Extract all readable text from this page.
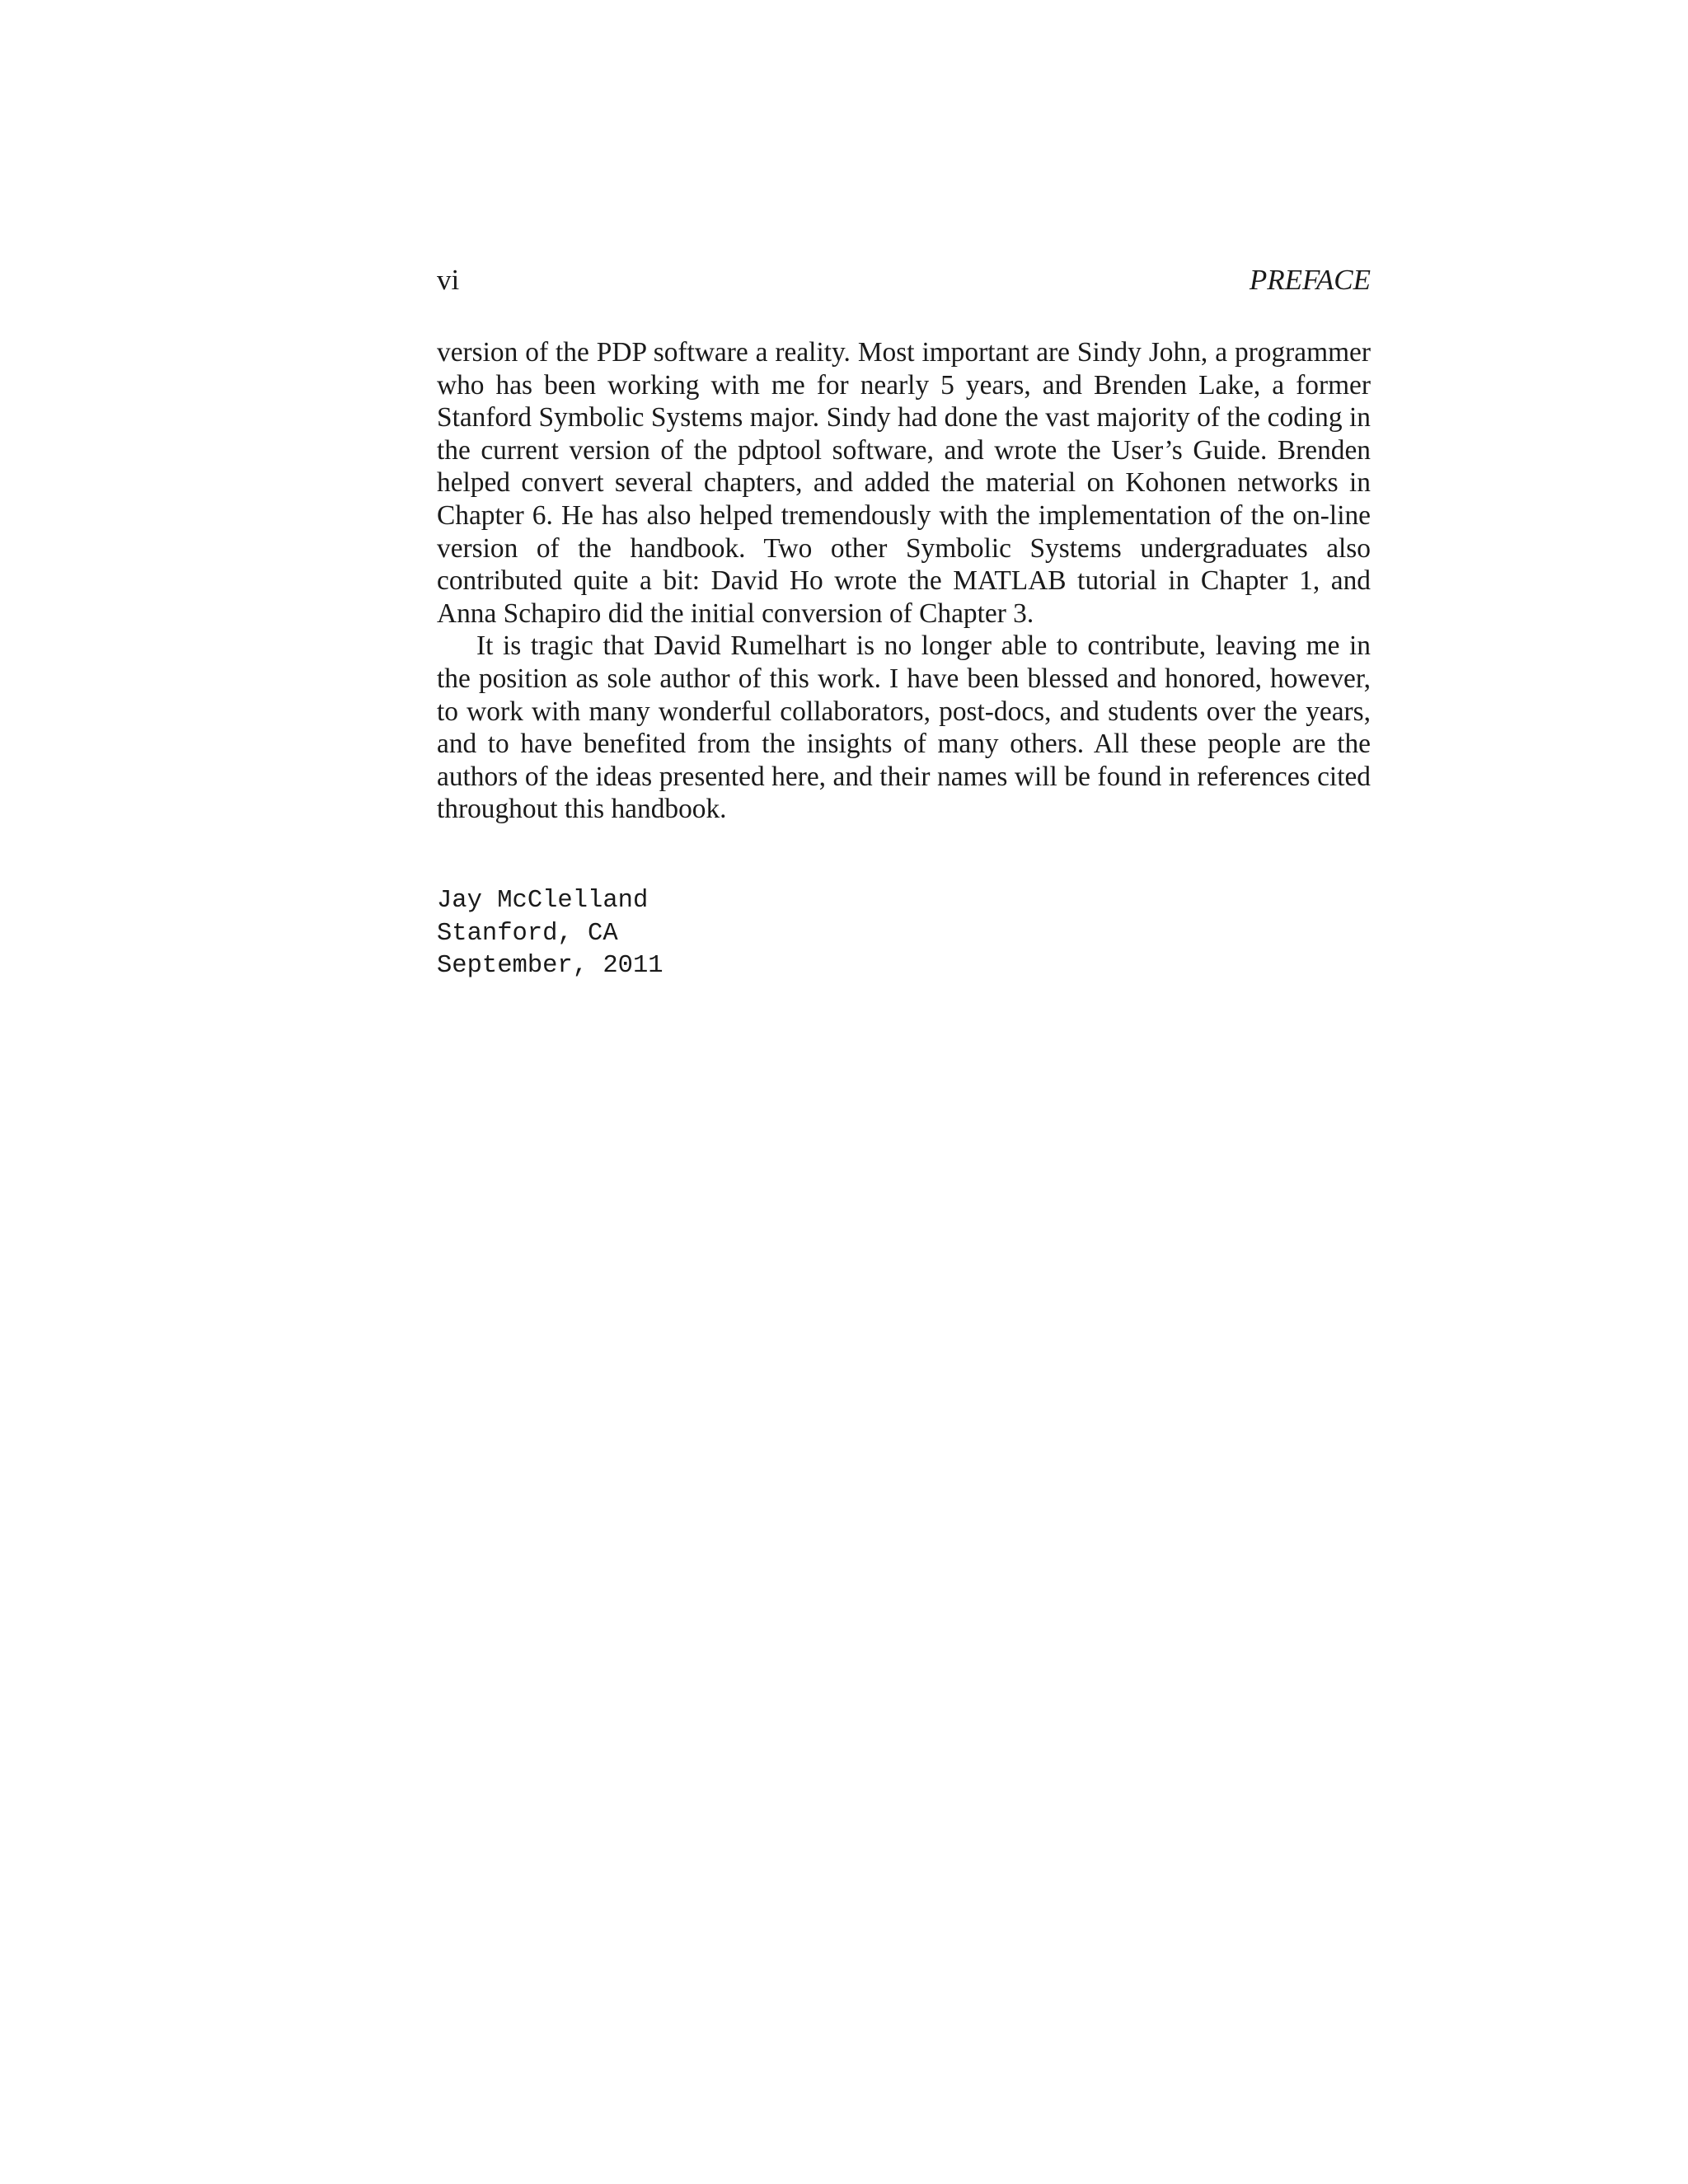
vi	PREFACE

version of the PDP software a reality. Most important are Sindy John, a programmer who has been working with me for nearly 5 years, and Brenden Lake, a former Stanford Symbolic Systems major. Sindy had done the vast majority of the coding in the current version of the pdptool software, and wrote the User’s Guide. Brenden helped convert several chapters, and added the material on Kohonen networks in Chapter 6. He has also helped tremendously with the implementation of the on-line version of the handbook. Two other Symbolic Systems undergraduates also contributed quite a bit: David Ho wrote the MATLAB tutorial in Chapter 1, and Anna Schapiro did the initial conversion of Chapter 3.

It is tragic that David Rumelhart is no longer able to contribute, leaving me in the position as sole author of this work. I have been blessed and honored, however, to work with many wonderful collaborators, post-docs, and students over the years, and to have benefited from the insights of many others. All these people are the authors of the ideas presented here, and their names will be found in references cited throughout this handbook.

Jay McClelland
Stanford, CA
September, 2011
